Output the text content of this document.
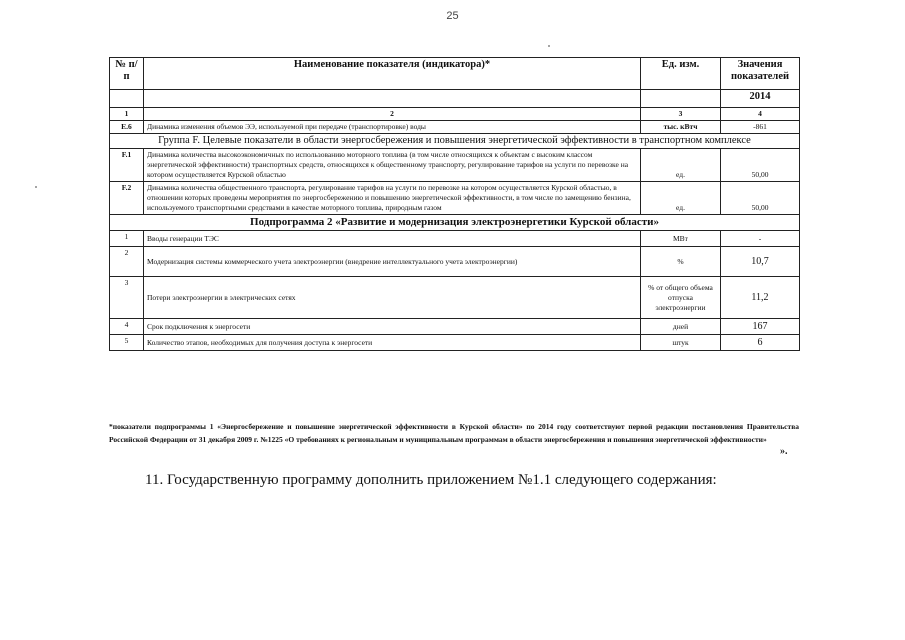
25
№ п/п	Наименование показателя (индикатора)*	Ед. изм.	Значения показателей
			2014
1	2	3	4
Е.6	Динамика изменения объемов ЭЭ, используемой при передаче (транспортировке) воды	тыс. кВтч	-861
Группа F. Целевые показатели в области энергосбережения и повышения энергетической эффективности в транспортном комплексе			
F.1	Динамика количества высокоэкономичных по использованию моторного топлива (в том числе относящихся к объектам с высоким классом энергетической эффективности) транспортных средств, относящихся к общественному транспорту, регулирование тарифов на услуги по перевозке на котором осуществляется Курской областью	ед.	50,00
F.2	Динамика количества общественного транспорта, регулирование тарифов на услуги по перевозке на котором осуществляется Курской областью, в отношении которых проведены мероприятия по энергосбережению и повышению энергетической эффективности, в том числе по замещению бензина, используемого транспортными средствами в качестве моторного топлива, природным газом	ед.	50,00
Подпрограмма 2 «Развитие и модернизация электроэнергетики Курской области»			
1	Вводы генерации ТЭС	МВт	-
2	Модернизация системы коммерческого учета электроэнергии (внедрение интеллектуального учета электроэнергии)	%	10,7
3	Потери электроэнергии в электрических сетях	% от общего объема отпуска электроэнергии	11,2
4	Срок подключения к энергосети	дней	167
5	Количество этапов, необходимых для получения доступа к энергосети	штук	6
*показатели подпрограммы 1 «Энергосбережение и повышение энергетической эффективности в Курской области» по 2014 году соответствуют первой редакции постановления Правительства Российской Федерации от 31 декабря 2009 г. №1225 «О требованиях к региональным и муниципальным программам в области энергосбережения и повышения энергетической эффективности»
».
11. Государственную программу дополнить приложением №1.1 следующего содержания:
